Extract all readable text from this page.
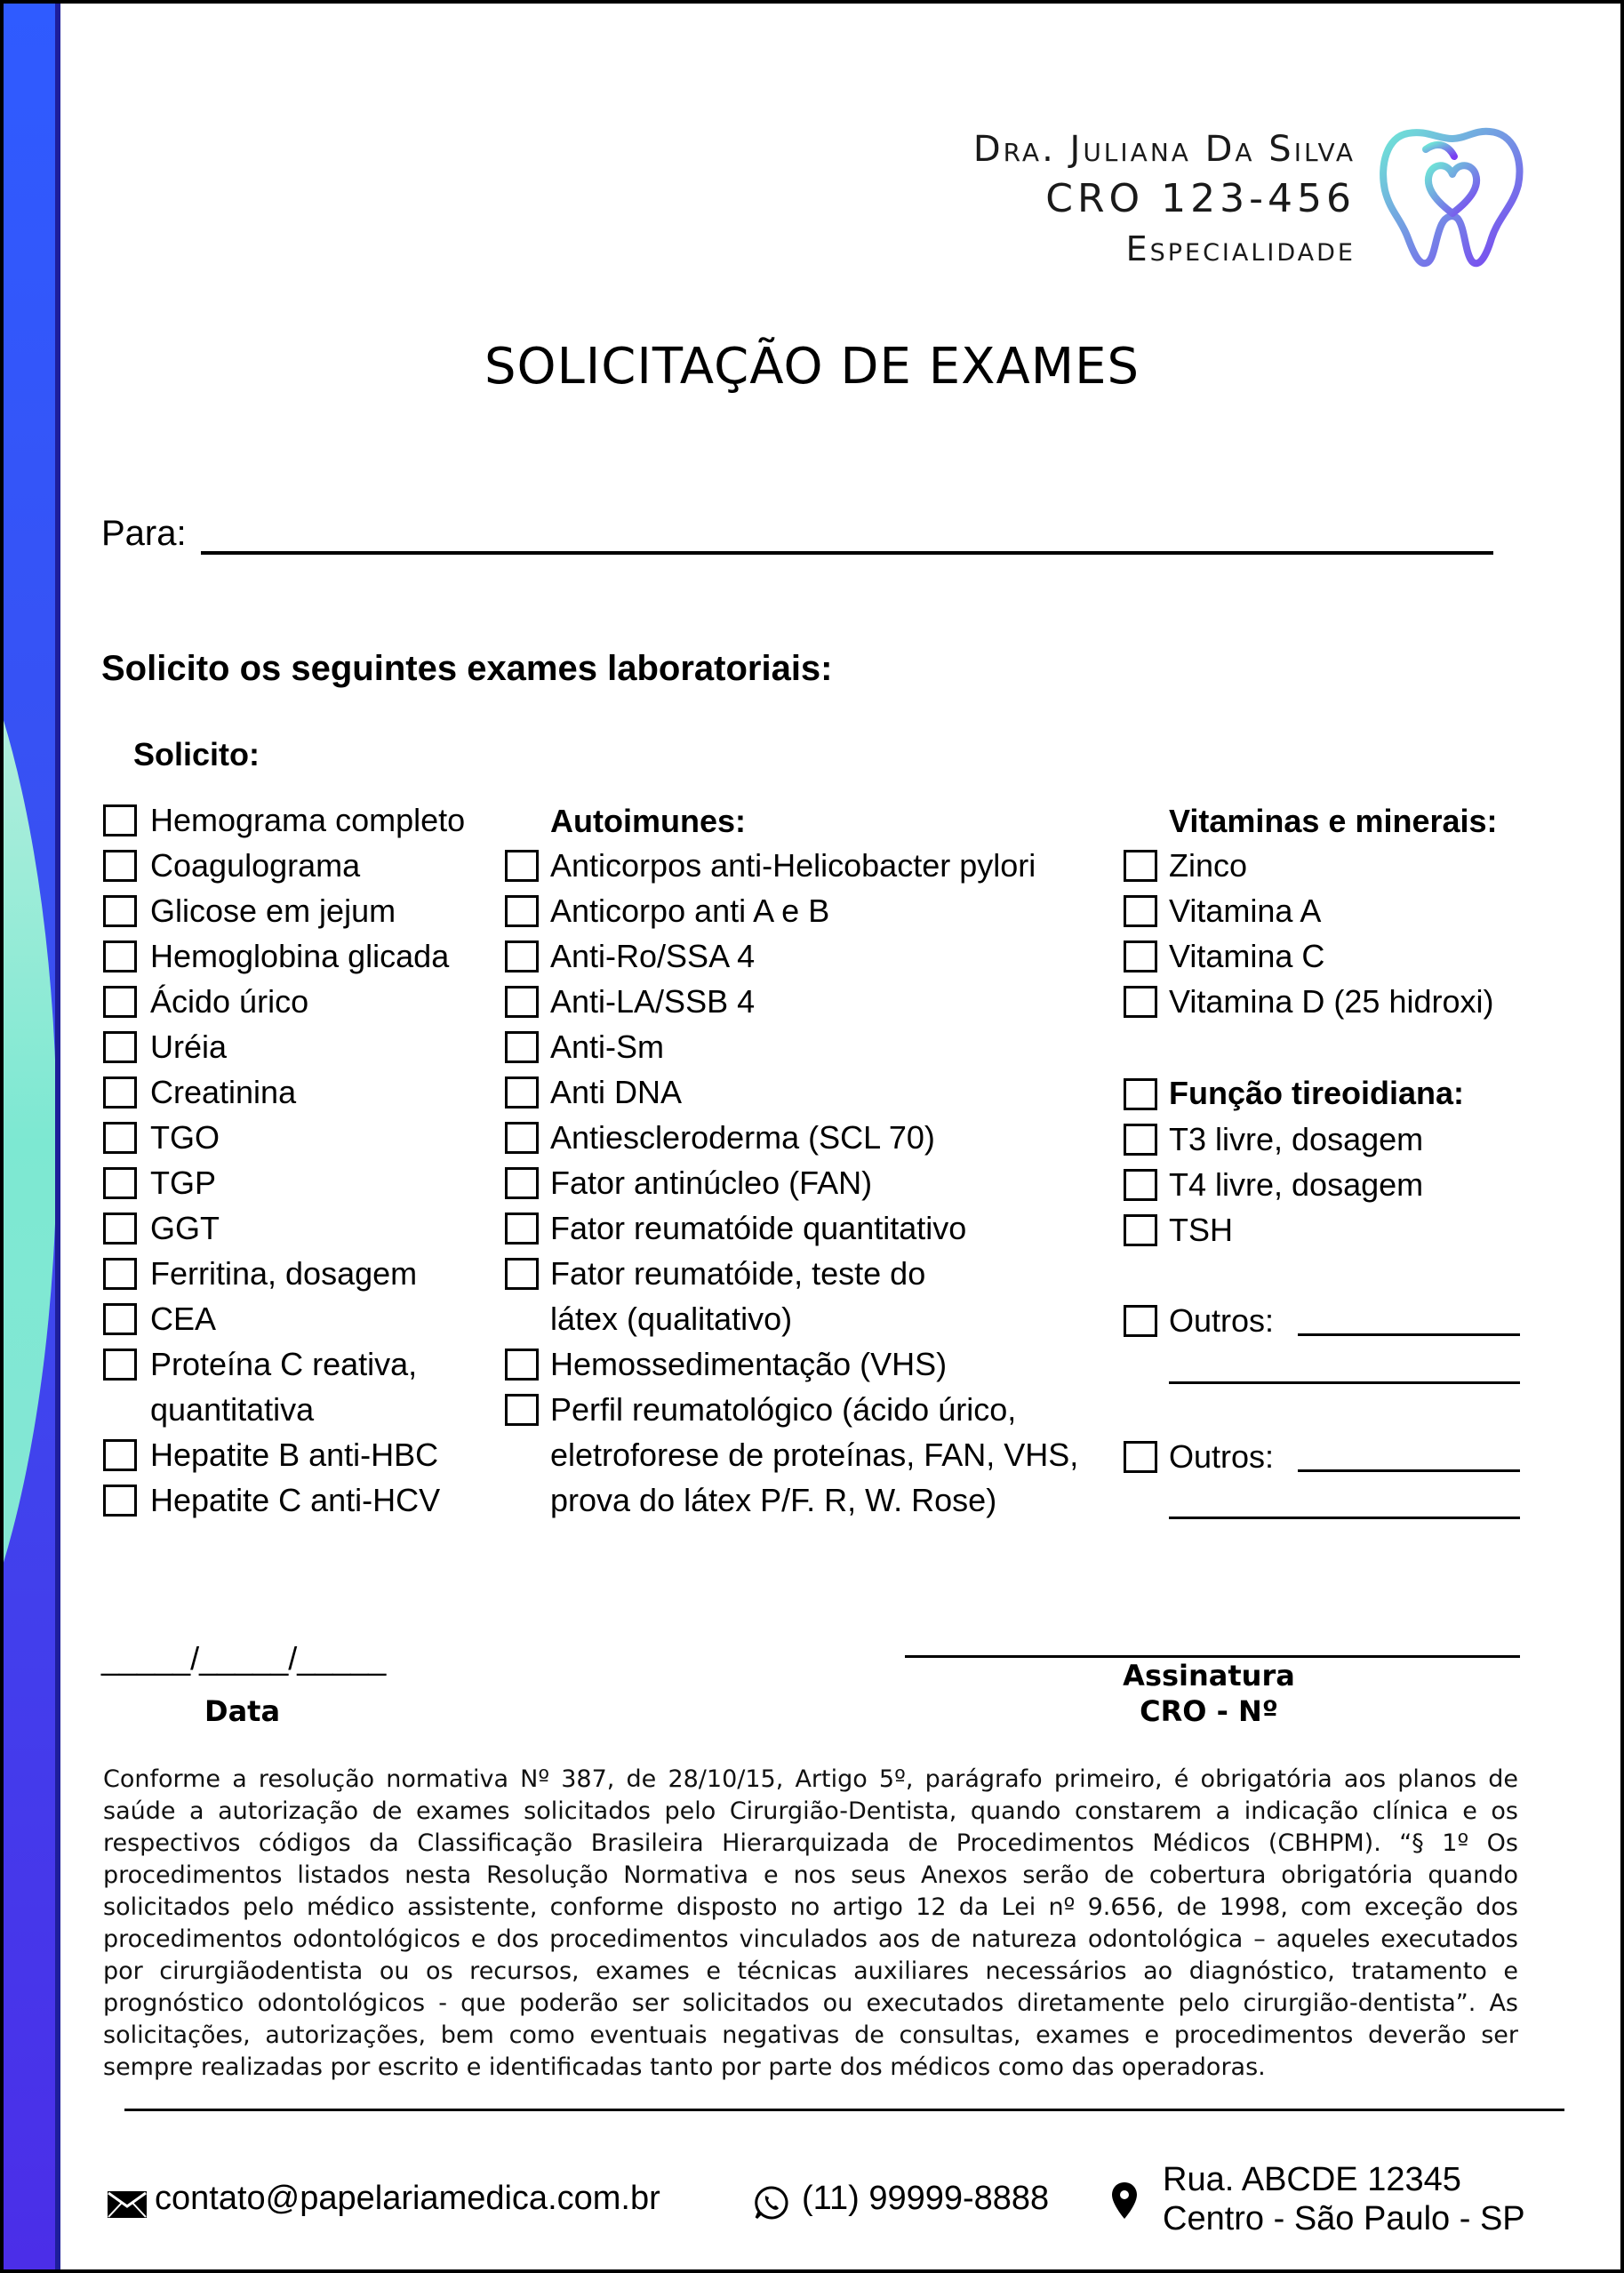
Dra. Juliana Da Silva
CRO 123-456
Especialidade
SOLICITAÇÃO DE EXAMES
Para:
Solicito os seguintes exames laboratoriais:
Solicito:
Hemograma completo
Coagulograma
Glicose em jejum
Hemoglobina glicada
Ácido úrico
Uréia
Creatinina
TGO
TGP
GGT
Ferritina, dosagem
CEA
Proteína C reativa,
quantitativa
Hepatite B anti-HBC
Hepatite C anti-HCV
Autoimunes:
Anticorpos anti-Helicobacter pylori
Anticorpo anti A e B
Anti-Ro/SSA 4
Anti-LA/SSB 4
Anti-Sm
Anti DNA
Antiescleroderma (SCL 70)
Fator antinúcleo (FAN)
Fator reumatóide quantitativo
Fator reumatóide, teste do
látex (qualitativo)
Hemossedimentação (VHS)
Perfil reumatológico (ácido úrico,
eletroforese de proteínas, FAN, VHS,
prova do látex P/F. R, W. Rose)
Vitaminas e minerais:
Zinco
Vitamina A
Vitamina C
Vitamina D (25 hidroxi)
Função tireoidiana:
T3 livre, dosagem
T4 livre, dosagem
TSH
Outros:
Outros:
_____/_____/_____
Data
Assinatura
CRO - Nº
Conforme a resolução normativa Nº 387, de 28/10/15, Artigo 5º, parágrafo primeiro, é obrigatória aos planos de saúde a autorização de exames solicitados pelo Cirurgião-Dentista, quando constarem a indicação clínica e os respectivos códigos da Classificação Brasileira Hierarquizada de Procedimentos Médicos (CBHPM). “§ 1º Os procedimentos listados nesta Resolução Normativa e nos seus Anexos serão de cobertura obrigatória quando solicitados pelo médico assistente, conforme disposto no artigo 12 da Lei nº 9.656, de 1998, com exceção dos procedimentos odontológicos e dos procedimentos vinculados aos de natureza odontológica – aqueles executados por cirurgiãodentista ou os recursos, exames e técnicas auxiliares necessários ao diagnóstico, tratamento e prognóstico odontológicos - que poderão ser solicitados ou executados diretamente pelo cirurgião-dentista”. As solicitações, autorizações, bem como eventuais negativas de consultas, exames e procedimentos deverão ser sempre realizadas por escrito e identificadas tanto por parte dos médicos como das operadoras.
contato@papelariamedica.com.br	(11) 99999-8888	Rua. ABCDE 12345
Centro - São Paulo - SP
